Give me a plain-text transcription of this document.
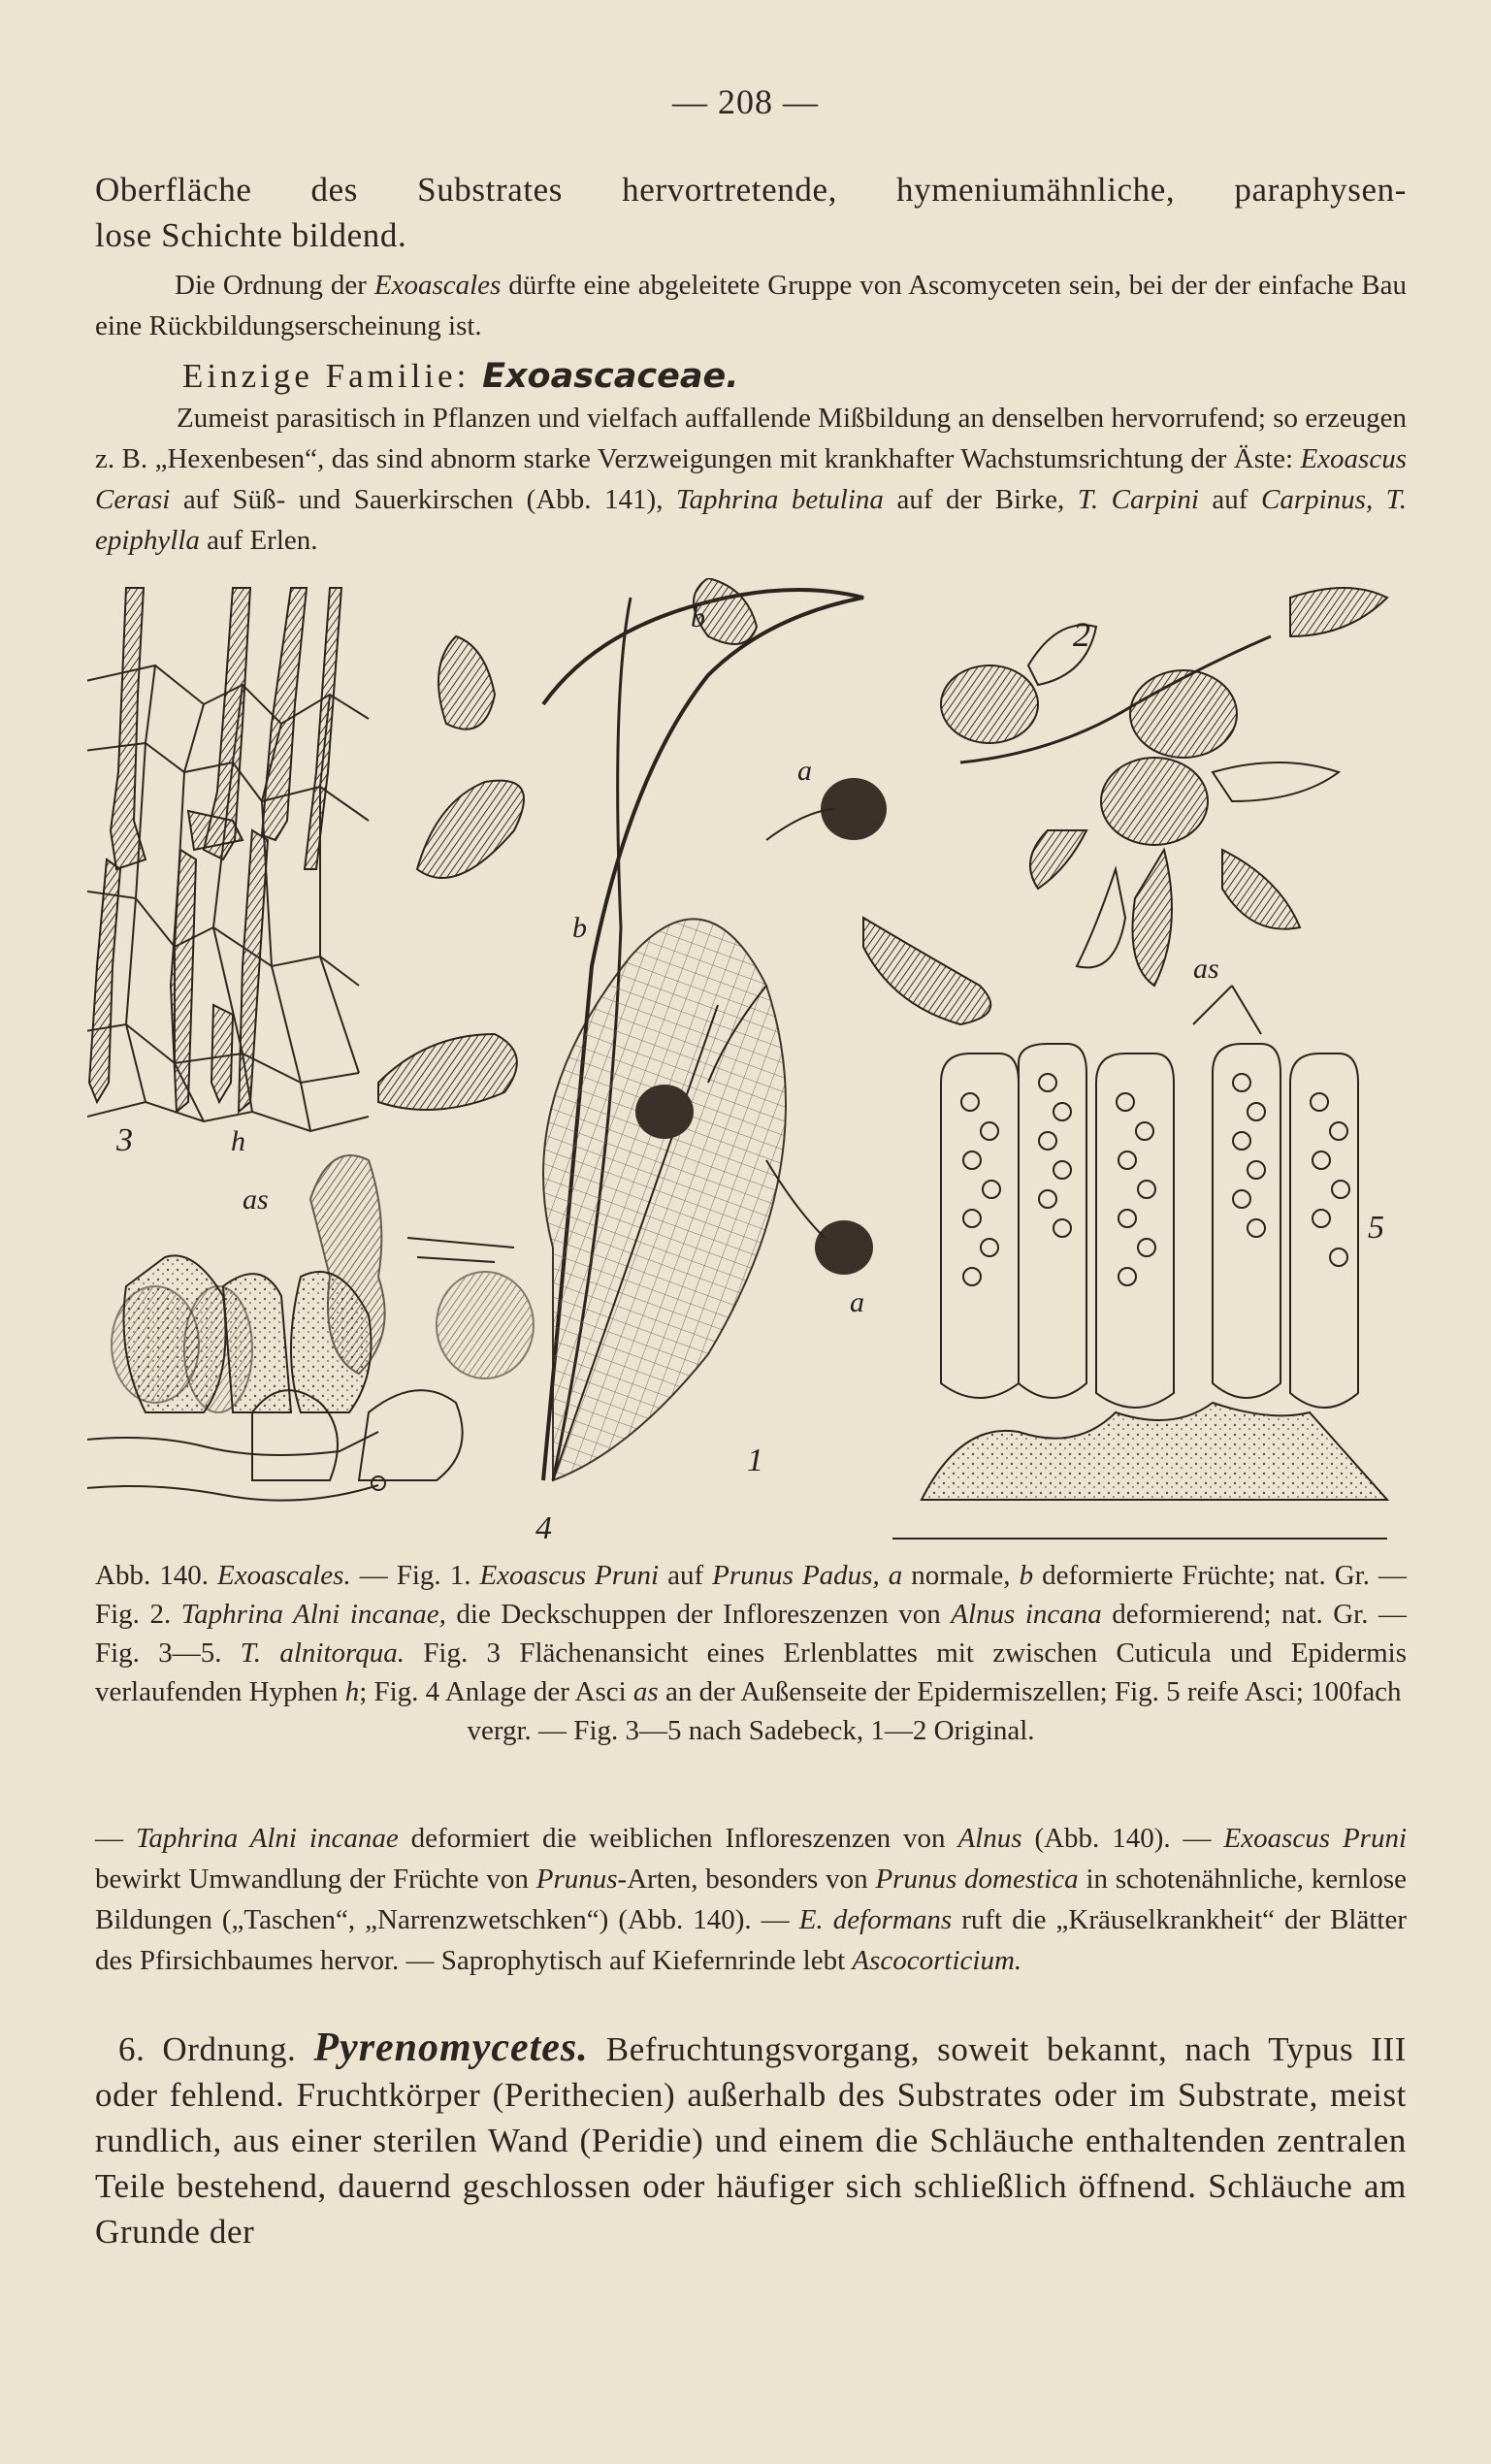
— 208 —
Oberfläche des Substrates hervortretende, hymeniumähnliche, paraphysen-
lose Schichte bildend.
Die Ordnung der Exoascales dürfte eine abgeleitete Gruppe von Ascomyceten sein, bei der der einfache Bau eine Rückbildungserscheinung ist.
Einzige Familie: Exoascaceae.
Zumeist parasitisch in Pflanzen und vielfach auffallende Mißbildung an denselben hervorrufend; so erzeugen z. B. „Hexenbesen“, das sind abnorm starke Verzweigungen mit krankhafter Wachstumsrichtung der Äste: Exoascus Cerasi auf Süß- und Sauerkirschen (Abb. 141), Taphrina betulina auf der Birke, T. Carpini auf Carpinus, T. epiphylla auf Erlen.
3	h
as
4
b
a
b
a
1
2
as
5
Abb. 140. Exoascales. — Fig. 1. Exoascus Pruni auf Prunus Padus, a normale, b deformierte Früchte; nat. Gr. — Fig. 2. Taphrina Alni incanae, die Deckschuppen der Infloreszenzen von Alnus incana deformierend; nat. Gr. — Fig. 3—5. T. alnitorqua. Fig. 3 Flächenansicht eines Erlenblattes mit zwischen Cuticula und Epidermis verlaufenden Hyphen h; Fig. 4 Anlage der Asci as an der Außenseite der Epidermiszellen; Fig. 5 reife Asci; 100fach
vergr. — Fig. 3—5 nach Sadebeck, 1—2 Original.
— Taphrina Alni incanae deformiert die weiblichen Infloreszenzen von Alnus (Abb. 140). — Exoascus Pruni bewirkt Umwandlung der Früchte von Prunus-Arten, besonders von Prunus domestica in schotenähnliche, kernlose Bildungen („Taschen“, „Narrenzwetschken“) (Abb. 140). — E. deformans ruft die „Kräuselkrankheit“ der Blätter des Pfirsichbaumes hervor. — Saprophytisch auf Kiefernrinde lebt Ascocorticium.
6. Ordnung. Pyrenomycetes. Befruchtungsvorgang, soweit bekannt, nach Typus III oder fehlend. Fruchtkörper (Perithecien) außerhalb des Substrates oder im Substrate, meist rundlich, aus einer sterilen Wand (Peridie) und einem die Schläuche enthaltenden zentralen Teile bestehend, dauernd geschlossen oder häufiger sich schließlich öffnend. Schläuche am Grunde der
